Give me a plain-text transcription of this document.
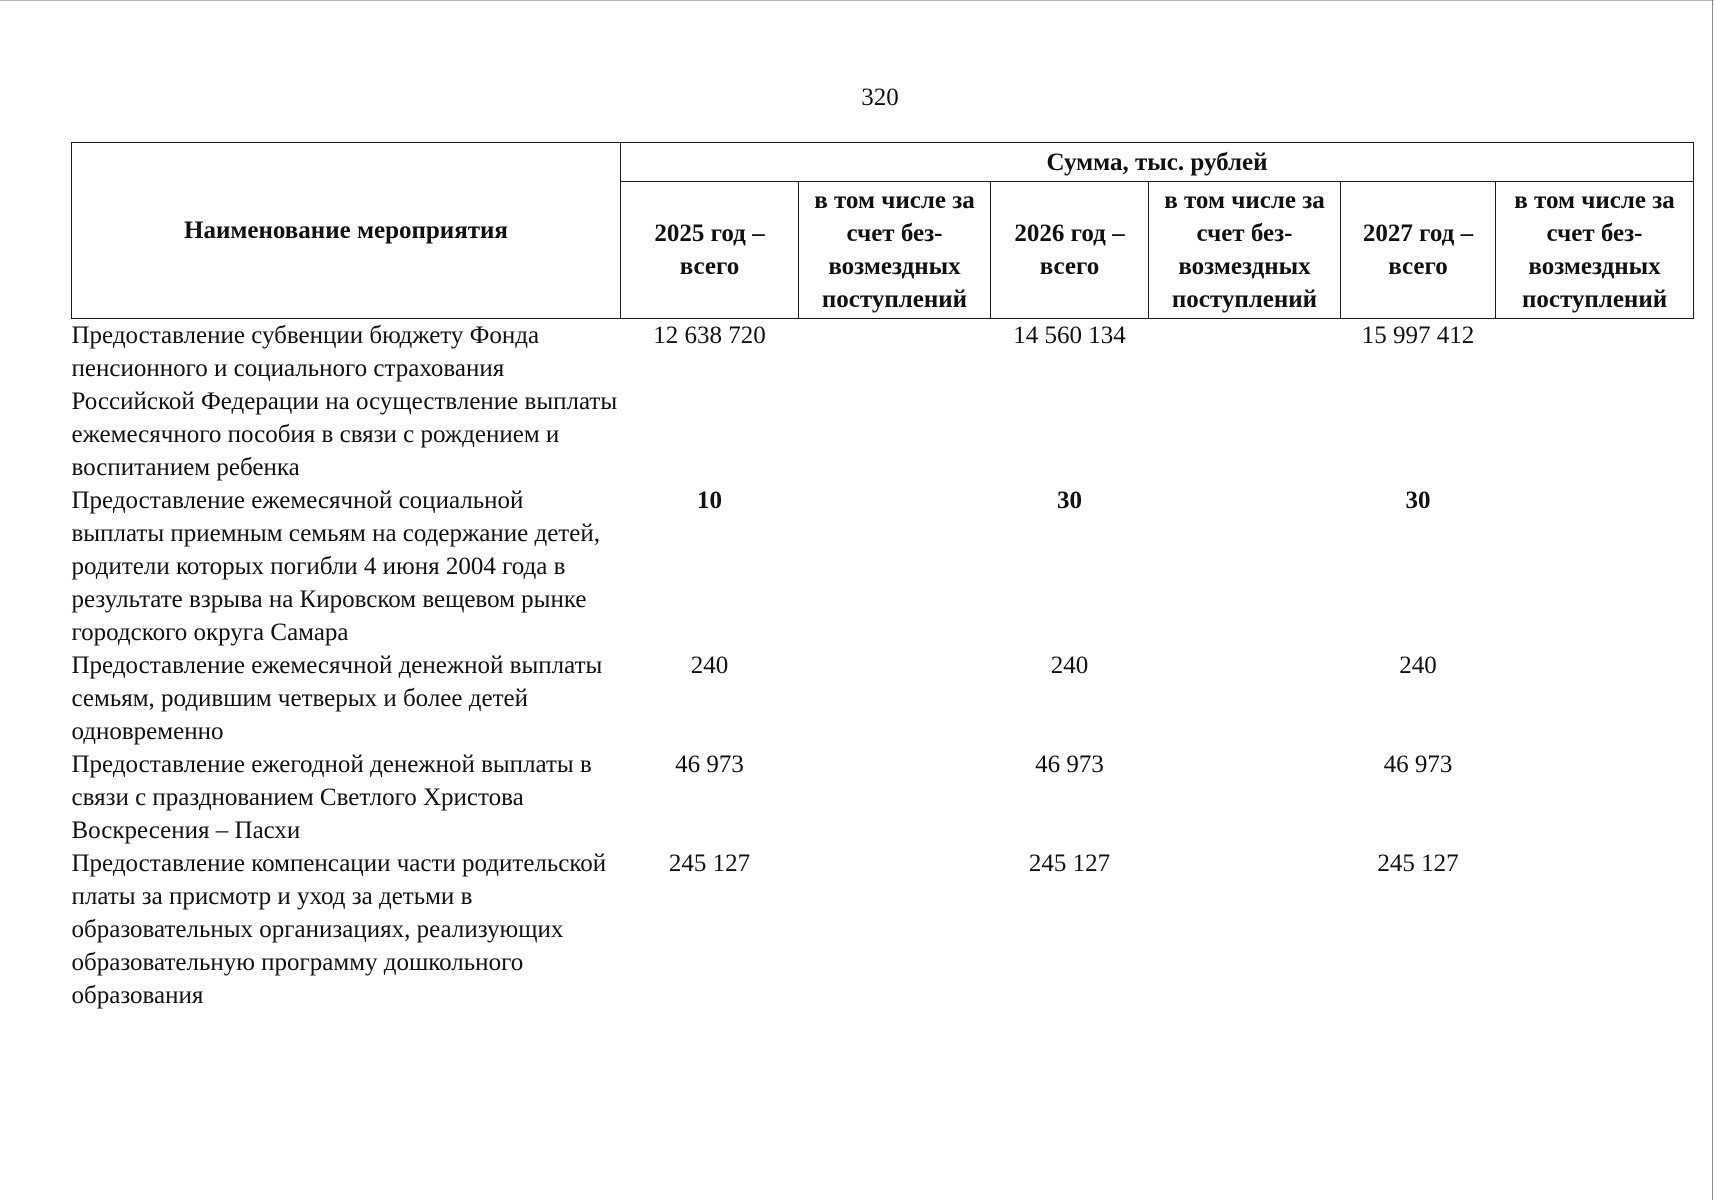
320
Наименование мероприятия	Сумма, тыс. рублей					
	2025 год – всего	в том числе за счет без-возмездных поступлений	2026 год – всего	в том числе за счет без-возмездных поступлений	2027 год – всего	в том числе за счет без-возмездных поступлений
Предоставление субвенции бюджету Фонда пенсионного и социального страхования Российской Федерации на осуществление выплаты ежемесячного пособия в связи с рождением и воспитанием ребенка	12 638 720		14 560 134		15 997 412	
Предоставление ежемесячной социальной выплаты приемным семьям на содержание детей, родители которых погибли 4 июня 2004 года в результате взрыва на Кировском вещевом рынке городского округа Самара	10		30		30	
Предоставление ежемесячной денежной выплаты семьям, родившим четверых и более детей одновременно	240		240		240	
Предоставление ежегодной денежной выплаты в связи с празднованием Светлого Христова Воскресения – Пасхи	46 973		46 973		46 973	
Предоставление компенсации части родительской платы за присмотр и уход за детьми в образовательных организациях, реализующих образовательную программу дошкольного образования	245 127		245 127		245 127	
